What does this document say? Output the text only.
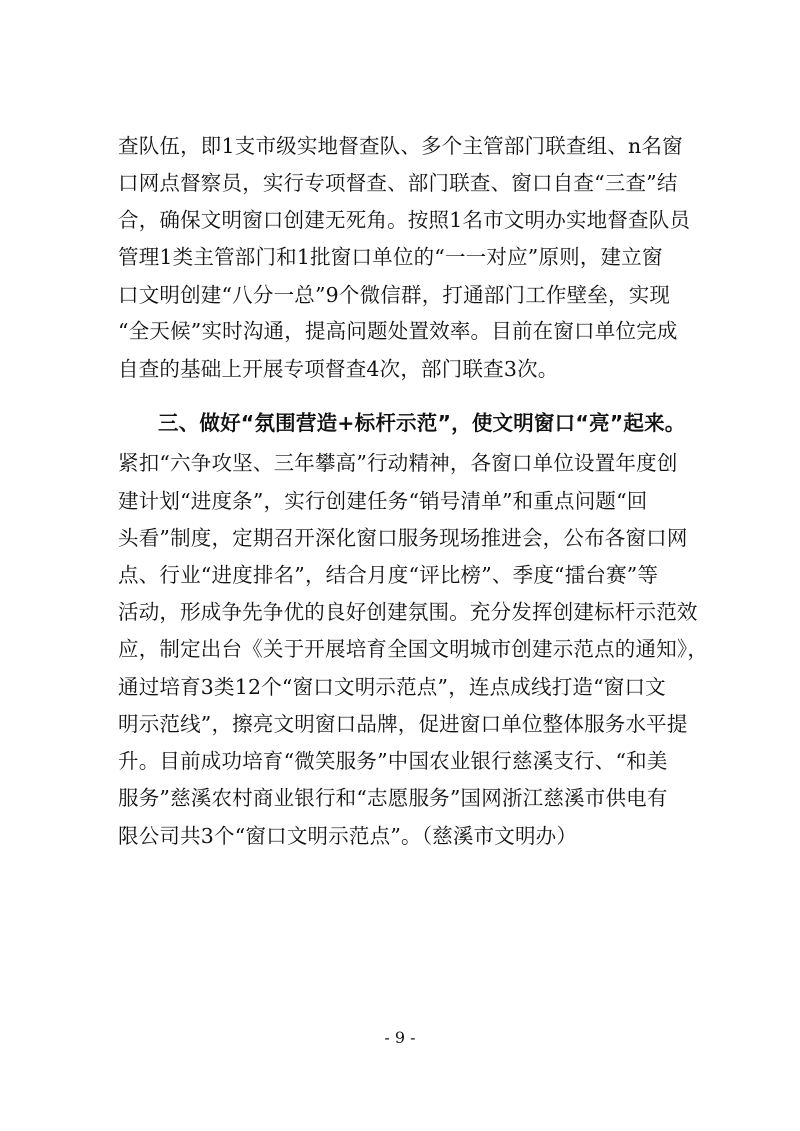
查队伍，即1支市级实地督查队、多个主管部门联查组、n名窗
口网点督察员，实行专项督查、部门联查、窗口自查“三查”结
合，确保文明窗口创建无死角。按照1名市文明办实地督查队员
管理1类主管部门和1批窗口单位的“一一对应”原则，建立窗
口文明创建“八分一总”9个微信群，打通部门工作壁垒，实现
“全天候”实时沟通，提高问题处置效率。目前在窗口单位完成
自查的基础上开展专项督查4次，部门联查3次。
三、做好“氛围营造+标杆示范”，使文明窗口“亮”起来。
紧扣“六争攻坚、三年攀高”行动精神，各窗口单位设置年度创
建计划“进度条”，实行创建任务“销号清单”和重点问题“回
头看”制度，定期召开深化窗口服务现场推进会，公布各窗口网
点、行业“进度排名”，结合月度“评比榜”、季度“擂台赛”等
活动，形成争先争优的良好创建氛围。充分发挥创建标杆示范效
应，制定出台《关于开展培育全国文明城市创建示范点的通知》，
通过培育3类12个“窗口文明示范点”，连点成线打造“窗口文
明示范线”，擦亮文明窗口品牌，促进窗口单位整体服务水平提
升。目前成功培育“微笑服务”中国农业银行慈溪支行、“和美
服务”慈溪农村商业银行和“志愿服务”国网浙江慈溪市供电有
限公司共3个“窗口文明示范点”。（慈溪市文明办）
- 9 -
